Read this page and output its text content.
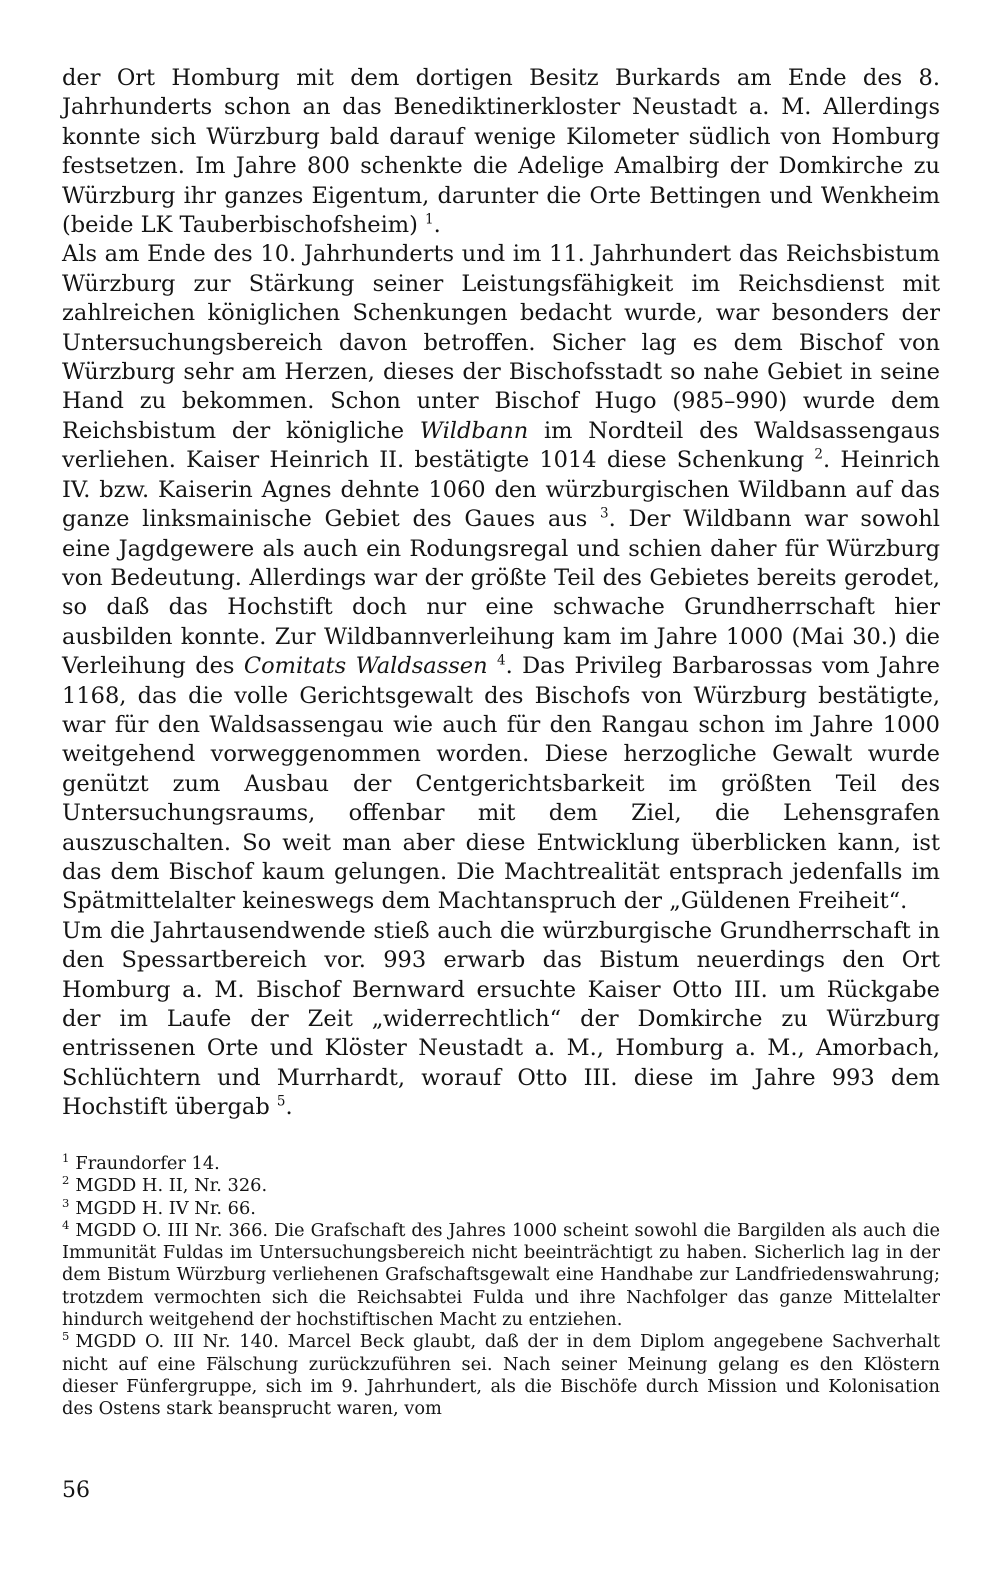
der Ort Homburg mit dem dortigen Besitz Burkards am Ende des 8. Jahrhunderts schon an das Benediktinerkloster Neustadt a. M. Allerdings konnte sich Würzburg bald darauf wenige Kilometer südlich von Homburg festsetzen. Im Jahre 800 schenkte die Adelige Amalbirg der Domkirche zu Würzburg ihr ganzes Eigentum, darunter die Orte Bettingen und Wenkheim (beide LK Tauberbischofsheim) $^1$.

Als am Ende des 10. Jahrhunderts und im 11. Jahrhundert das Reichsbistum Würzburg zur Stärkung seiner Leistungsfähigkeit im Reichsdienst mit zahlreichen königlichen Schenkungen bedacht wurde, war besonders der Untersuchungsbereich davon betroffen. Sicher lag es dem Bischof von Würzburg sehr am Herzen, dieses der Bischofsstadt so nahe Gebiet in seine Hand zu bekommen. Schon unter Bischof Hugo (985–990) wurde dem Reichsbistum der königliche Wildbann im Nordteil des Waldsassengaus verliehen. Kaiser Heinrich II. bestätigte 1014 diese Schenkung $^2$. Heinrich IV. bzw. Kaiserin Agnes dehnte 1060 den würzburgischen Wildbann auf das ganze linksmainische Gebiet des Gaues aus $^3$. Der Wildbann war sowohl eine Jagdgewere als auch ein Rodungsregal und schien daher für Würzburg von Bedeutung. Allerdings war der größte Teil des Gebietes bereits gerodet, so daß das Hochstift doch nur eine schwache Grundherrschaft hier ausbilden konnte. Zur Wildbannverleihung kam im Jahre 1000 (Mai 30.) die Verleihung des Comitats Waldsassen $^4$. Das Privileg Barbarossas vom Jahre 1168, das die volle Gerichtsgewalt des Bischofs von Würzburg bestätigte, war für den Waldsassengau wie auch für den Rangau schon im Jahre 1000 weitgehend vorweggenommen worden. Diese herzogliche Gewalt wurde genützt zum Ausbau der Centgerichtsbarkeit im größten Teil des Untersuchungsraums, offenbar mit dem Ziel, die Lehensgrafen auszuschalten. So weit man aber diese Entwicklung überblicken kann, ist das dem Bischof kaum gelungen. Die Machtrealität entsprach jedenfalls im Spätmittelalter keineswegs dem Machtanspruch der „Güldenen Freiheit“.

Um die Jahrtausendwende stieß auch die würzburgische Grundherrschaft in den Spessartbereich vor. 993 erwarb das Bistum neuerdings den Ort Homburg a. M. Bischof Bernward ersuchte Kaiser Otto III. um Rückgabe der im Laufe der Zeit „widerrechtlich“ der Domkirche zu Würzburg entrissenen Orte und Klöster Neustadt a. M., Homburg a. M., Amorbach, Schlüchtern und Murrhardt, worauf Otto III. diese im Jahre 993 dem Hochstift übergab $^5$.

$^1$ Fraundorfer 14.

$^2$ MGDD H. II, Nr. 326.

$^3$ MGDD H. IV Nr. 66.

$^4$ MGDD O. III Nr. 366. Die Grafschaft des Jahres 1000 scheint sowohl die Bargilden als auch die Immunität Fuldas im Untersuchungsbereich nicht beeinträchtigt zu haben. Sicherlich lag in der dem Bistum Würzburg verliehenen Grafschaftsgewalt eine Handhabe zur Landfriedenswahrung; trotzdem vermochten sich die Reichsabtei Fulda und ihre Nachfolger das ganze Mittelalter hindurch weitgehend der hochstiftischen Macht zu entziehen.

$^5$ MGDD O. III Nr. 140. Marcel Beck glaubt, daß der in dem Diplom angegebene Sachverhalt nicht auf eine Fälschung zurückzuführen sei. Nach seiner Meinung gelang es den Klöstern dieser Fünfergruppe, sich im 9. Jahrhundert, als die Bischöfe durch Mission und Kolonisation des Ostens stark beansprucht waren, vom

56
